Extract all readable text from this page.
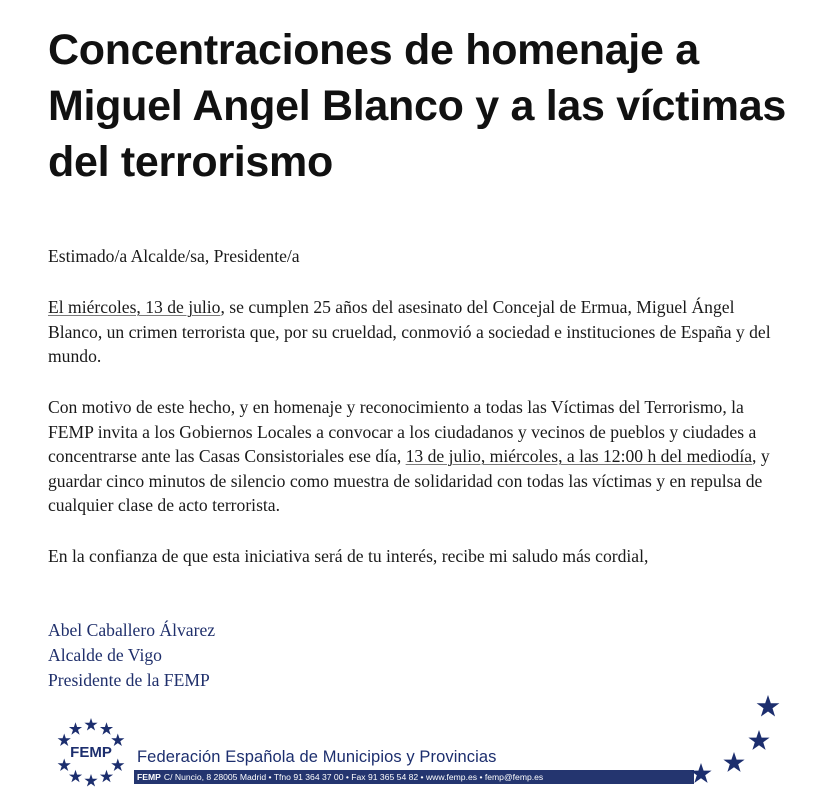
Concentraciones de homenaje a Miguel Angel Blanco y a las víctimas del terrorismo

Estimado/a Alcalde/sa, Presidente/a

El miércoles, 13 de julio, se cumplen 25 años del asesinato del Concejal de Ermua, Miguel Ángel Blanco, un crimen terrorista que, por su crueldad, conmovió a sociedad e instituciones de España y del mundo.

Con motivo de este hecho, y en homenaje y reconocimiento a todas las Víctimas del Terrorismo, la FEMP invita a los Gobiernos Locales a convocar a los ciudadanos y vecinos de pueblos y ciudades a concentrarse ante las Casas Consistoriales ese día, 13 de julio, miércoles, a las 12:00 h del mediodía, y guardar cinco minutos de silencio como muestra de solidaridad con todas las víctimas y en repulsa de cualquier clase de acto terrorista.

En la confianza de que esta iniciativa será de tu interés, recibe mi saludo más cordial,

Abel Caballero Álvarez
Alcalde de Vigo
Presidente de la FEMP
FEMP Federación Española de Municipios y Provincias
FEMP C/ Nuncio, 8 28005 Madrid • Tfno 91 364 37 00 • Fax 91 365 54 82 • www.femp.es • femp@femp.es
